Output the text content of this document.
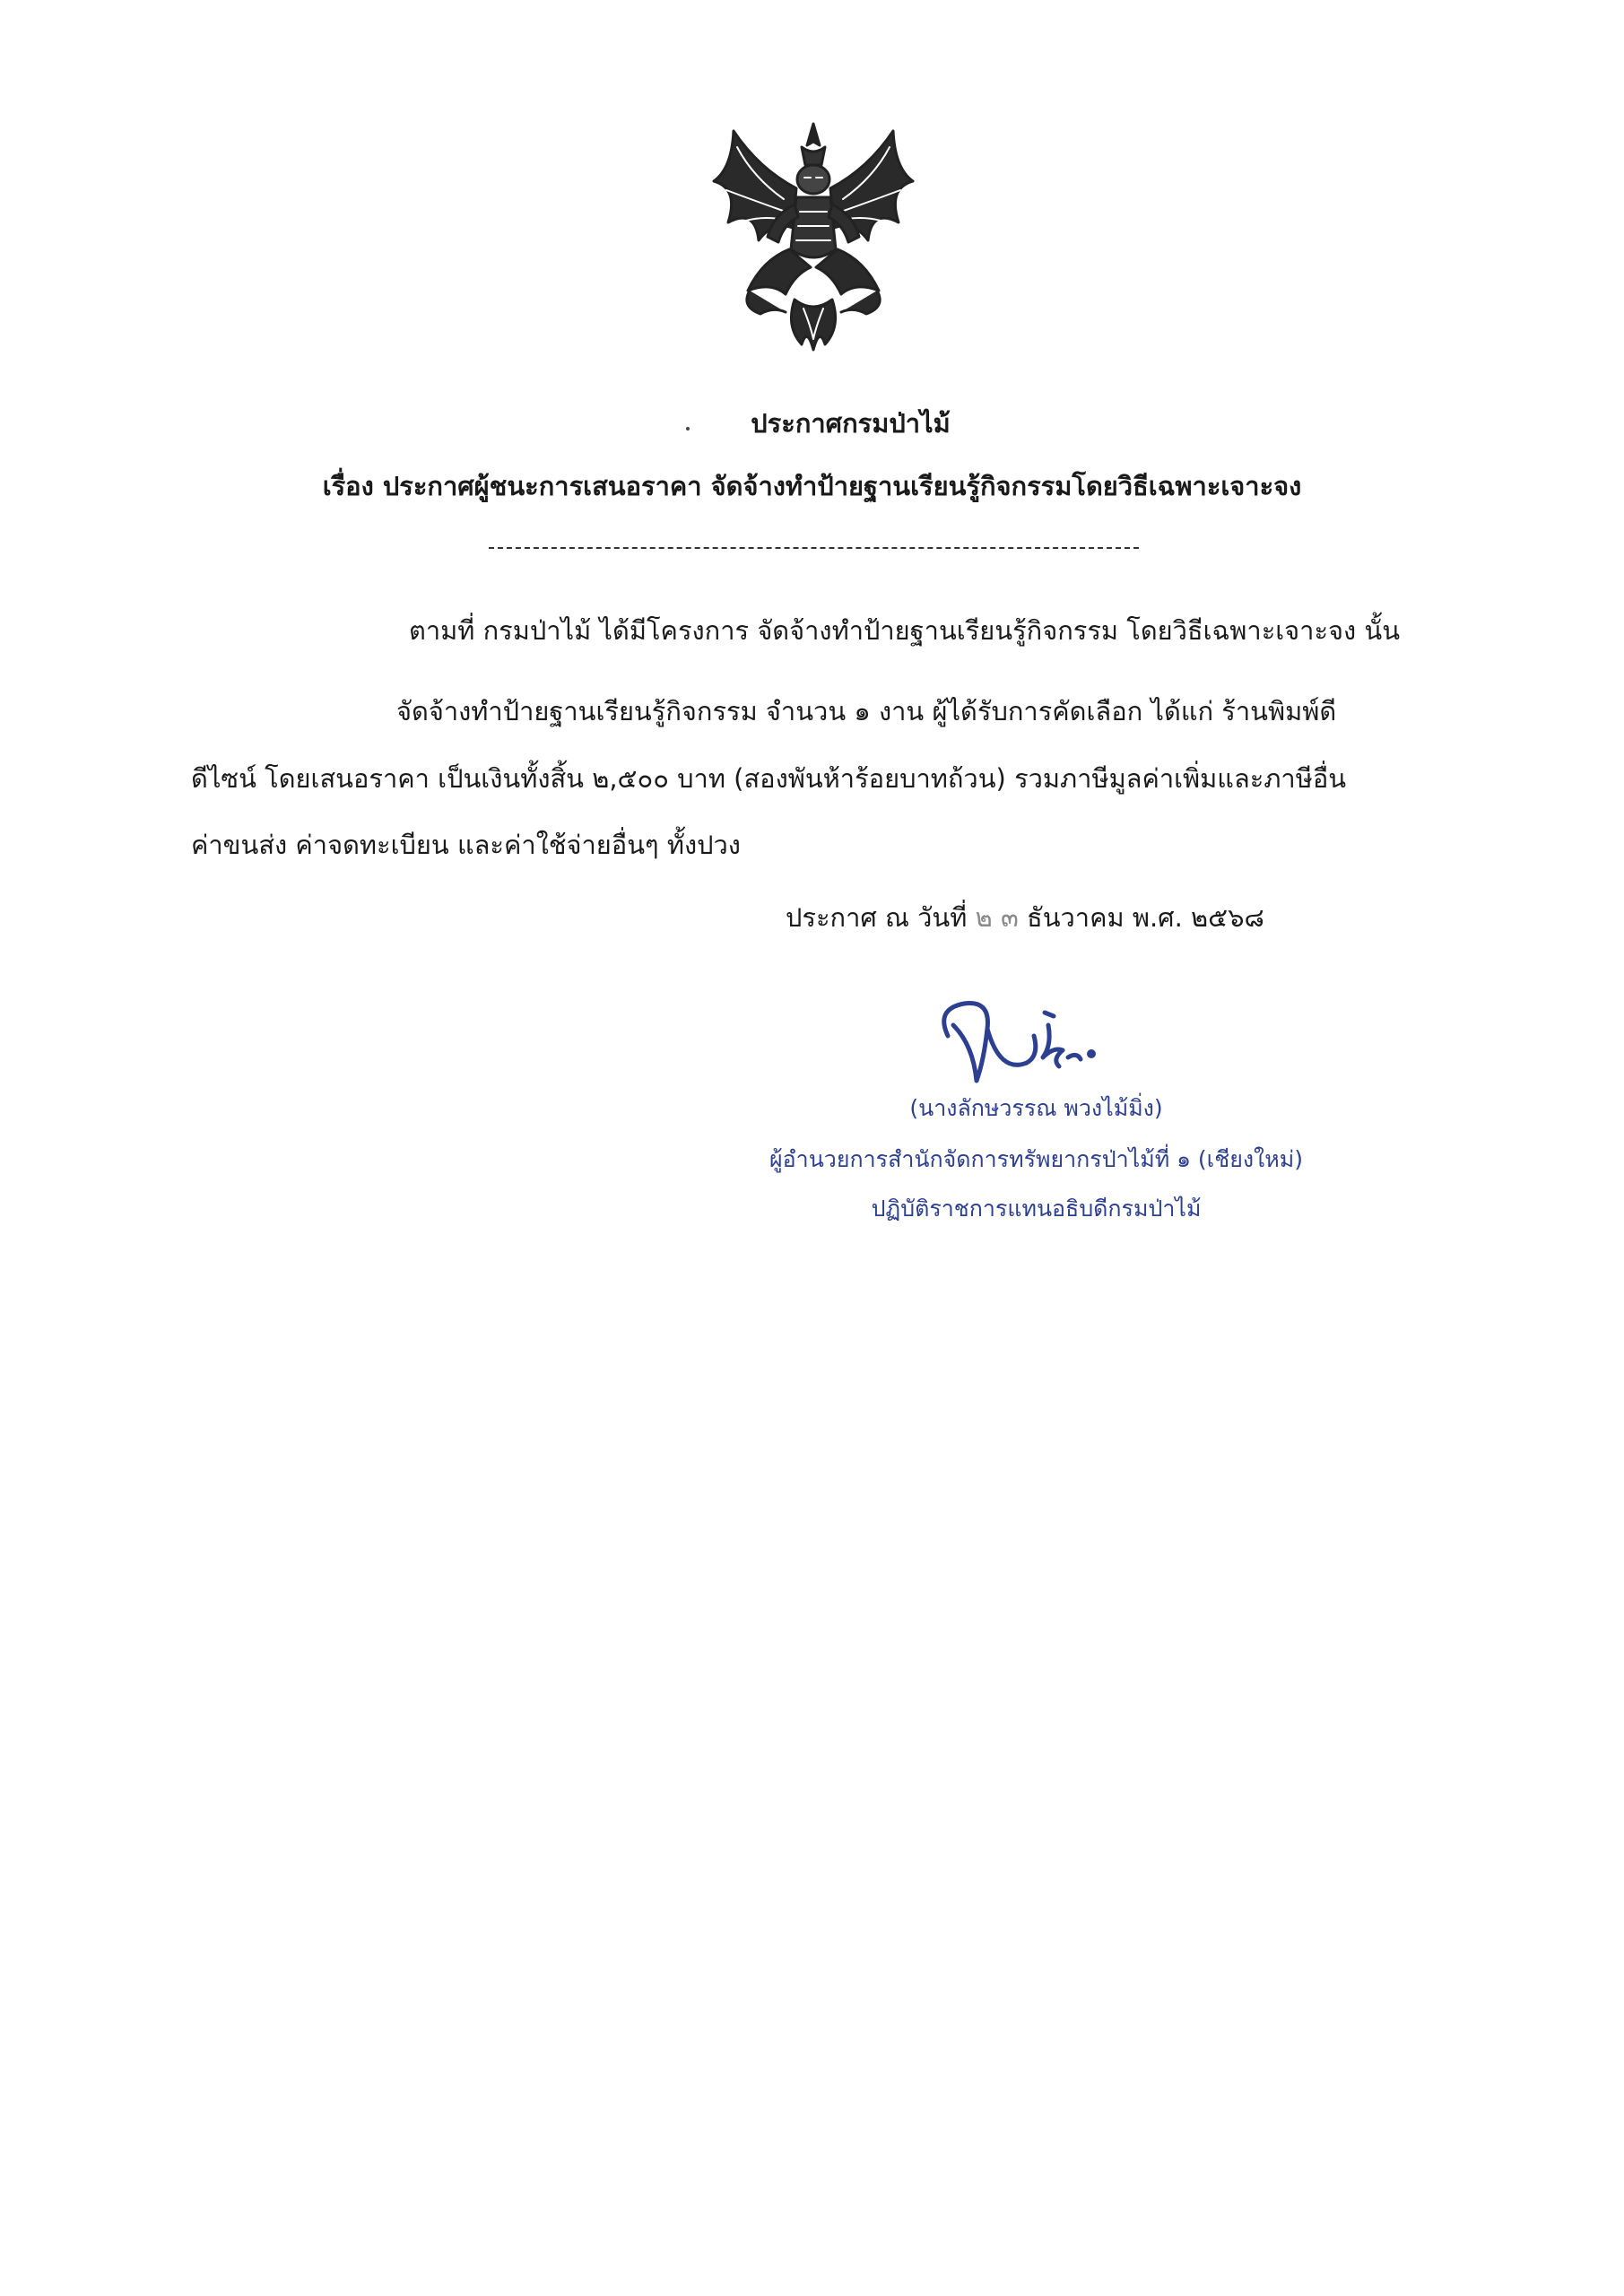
ประกาศกรมป่าไม้
เรื่อง ประกาศผู้ชนะการเสนอราคา จัดจ้างทำป้ายฐานเรียนรู้กิจกรรมโดยวิธีเฉพาะเจาะจง
ตามที่ กรมป่าไม้ ได้มีโครงการ จัดจ้างทำป้ายฐานเรียนรู้กิจกรรม โดยวิธีเฉพาะเจาะจง นั้น
จัดจ้างทำป้ายฐานเรียนรู้กิจกรรม จำนวน ๑ งาน ผู้ได้รับการคัดเลือก ได้แก่ ร้านพิมพ์ดี
ดีไซน์ โดยเสนอราคา เป็นเงินทั้งสิ้น ๒,๕๐๐ บาท (สองพันห้าร้อยบาทถ้วน) รวมภาษีมูลค่าเพิ่มและภาษีอื่น
ค่าขนส่ง ค่าจดทะเบียน และค่าใช้จ่ายอื่นๆ ทั้งปวง
ประกาศ ณ วันที่ ๒ ๓ ธันวาคม พ.ศ. ๒๕๖๘
(นางลักษวรรณ พวงไม้มิ่ง)
ผู้อำนวยการสำนักจัดการทรัพยากรป่าไม้ที่ ๑ (เชียงใหม่)
ปฏิบัติราชการแทนอธิบดีกรมป่าไม้
